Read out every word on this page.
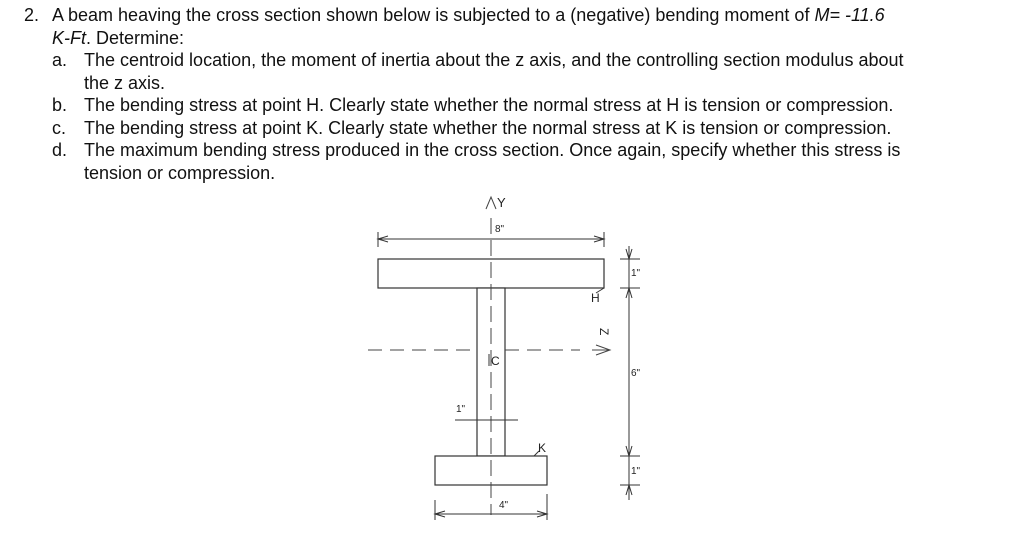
2. A beam heaving the cross section shown below is subjected to a (negative) bending moment of M= -11.6
K-Ft. Determine:
a. The centroid location, the moment of inertia about the z axis, and the controlling section modulus about
the z axis.
b. The bending stress at point H. Clearly state whether the normal stress at H is tension or compression.
c. The bending stress at point K. Clearly state whether the normal stress at K is tension or compression.
d. The maximum bending stress produced in the cross section. Once again, specify whether this stress is
tension or compression.
Y
8"
H
Z
C
1"
K
4"
1"
6"
1"
